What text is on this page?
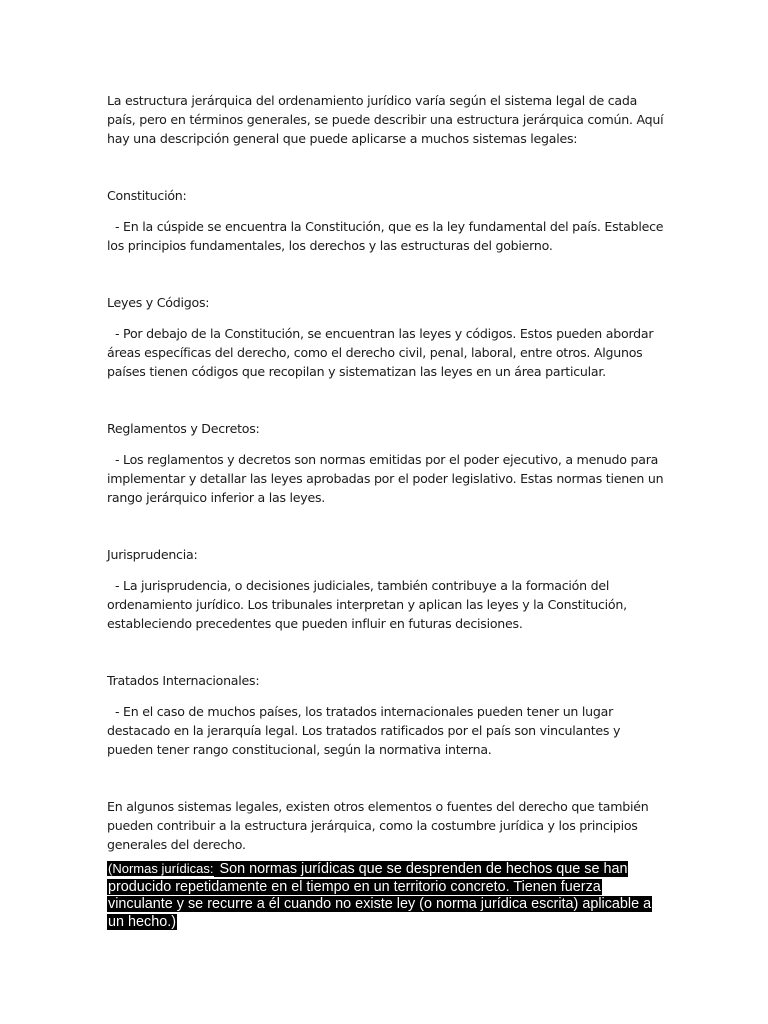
La estructura jerárquica del ordenamiento jurídico varía según el sistema legal de cada país, pero en términos generales, se puede describir una estructura jerárquica común. Aquí hay una descripción general que puede aplicarse a muchos sistemas legales:

Constitución:

- En la cúspide se encuentra la Constitución, que es la ley fundamental del país. Establece los principios fundamentales, los derechos y las estructuras del gobierno.

Leyes y Códigos:

- Por debajo de la Constitución, se encuentran las leyes y códigos. Estos pueden abordar áreas específicas del derecho, como el derecho civil, penal, laboral, entre otros. Algunos países tienen códigos que recopilan y sistematizan las leyes en un área particular.

Reglamentos y Decretos:

- Los reglamentos y decretos son normas emitidas por el poder ejecutivo, a menudo para implementar y detallar las leyes aprobadas por el poder legislativo. Estas normas tienen un rango jerárquico inferior a las leyes.

Jurisprudencia:

- La jurisprudencia, o decisiones judiciales, también contribuye a la formación del ordenamiento jurídico. Los tribunales interpretan y aplican las leyes y la Constitución, estableciendo precedentes que pueden influir en futuras decisiones.

Tratados Internacionales:

- En el caso de muchos países, los tratados internacionales pueden tener un lugar destacado en la jerarquía legal. Los tratados ratificados por el país son vinculantes y pueden tener rango constitucional, según la normativa interna.

En algunos sistemas legales, existen otros elementos o fuentes del derecho que también pueden contribuir a la estructura jerárquica, como la costumbre jurídica y los principios generales del derecho.

(Normas jurídicas: Son normas jurídicas que se desprenden de hechos que se han producido repetidamente en el tiempo en un territorio concreto. Tienen fuerza vinculante y se recurre a él cuando no existe ley (o norma jurídica escrita) aplicable a un hecho.)
